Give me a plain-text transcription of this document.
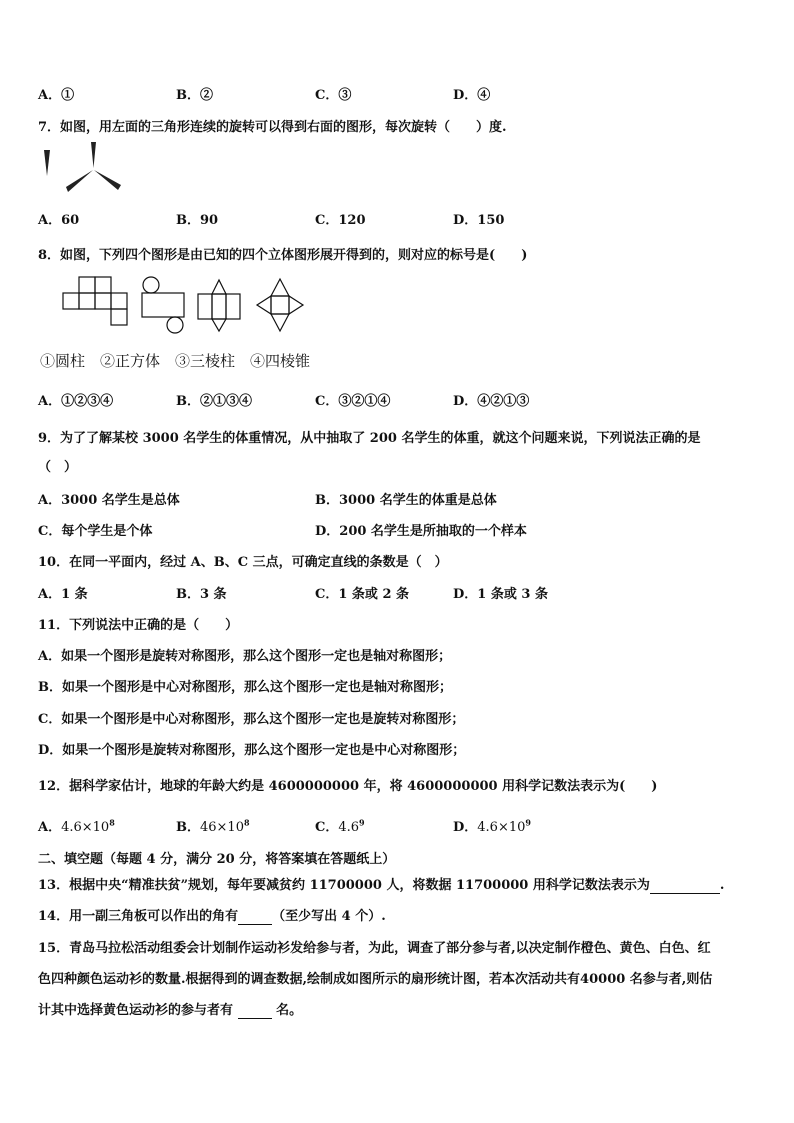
A．①	B．②	C．③	D．④
7．如图，用左面的三角形连续的旋转可以得到右面的图形，每次旋转（　　）度.
A．60	B．90	C．120	D．150
8．如图，下列四个图形是由已知的四个立体图形展开得到的，则对应的标号是(　　)
①圆柱　②正方体　③三棱柱　④四棱锥
A．①②③④	B．②①③④	C．③②①④	D．④②①③
9．为了了解某校 3000 名学生的体重情况，从中抽取了 200 名学生的体重，就这个问题来说，下列说法正确的是
（　）
A．3000 名学生是总体	B．3000 名学生的体重是总体
C．每个学生是个体	D．200 名学生是所抽取的一个样本
10．在同一平面内，经过 A、B、C 三点，可确定直线的条数是（　）
A．1 条	B．3 条	C．1 条或 2 条	D．1 条或 3 条
11．下列说法中正确的是（　　）
A．如果一个图形是旋转对称图形，那么这个图形一定也是轴对称图形；
B．如果一个图形是中心对称图形，那么这个图形一定也是轴对称图形；
C．如果一个图形是中心对称图形，那么这个图形一定也是旋转对称图形；
D．如果一个图形是旋转对称图形，那么这个图形一定也是中心对称图形；
12．据科学家估计，地球的年龄大约是 4600000000 年，将 4600000000 用科学记数法表示为(　　)
A．$4.6\times 10^8$	B．$46\times 10^8$	C．$4.6^9$	D．$4.6\times 10^9$
二、填空题（每题 4 分，满分 20 分，将答案填在答题纸上）
13．根据中央“精准扶贫”规划，每年要减贫约 11700000 人，将数据 11700000 用科学记数法表示为	.
14．用一副三角板可以作出的角有	（至少写出 4 个）.
15．青岛马拉松活动组委会计划制作运动衫发给参与者，为此，调查了部分参与者,以决定制作橙色、黄色、白色、红
色四种颜色运动衫的数量.根据得到的调查数据,绘制成如图所示的扇形统计图，若本次活动共有40000 名参与者,则估
计其中选择黄色运动衫的参与者有	名。
